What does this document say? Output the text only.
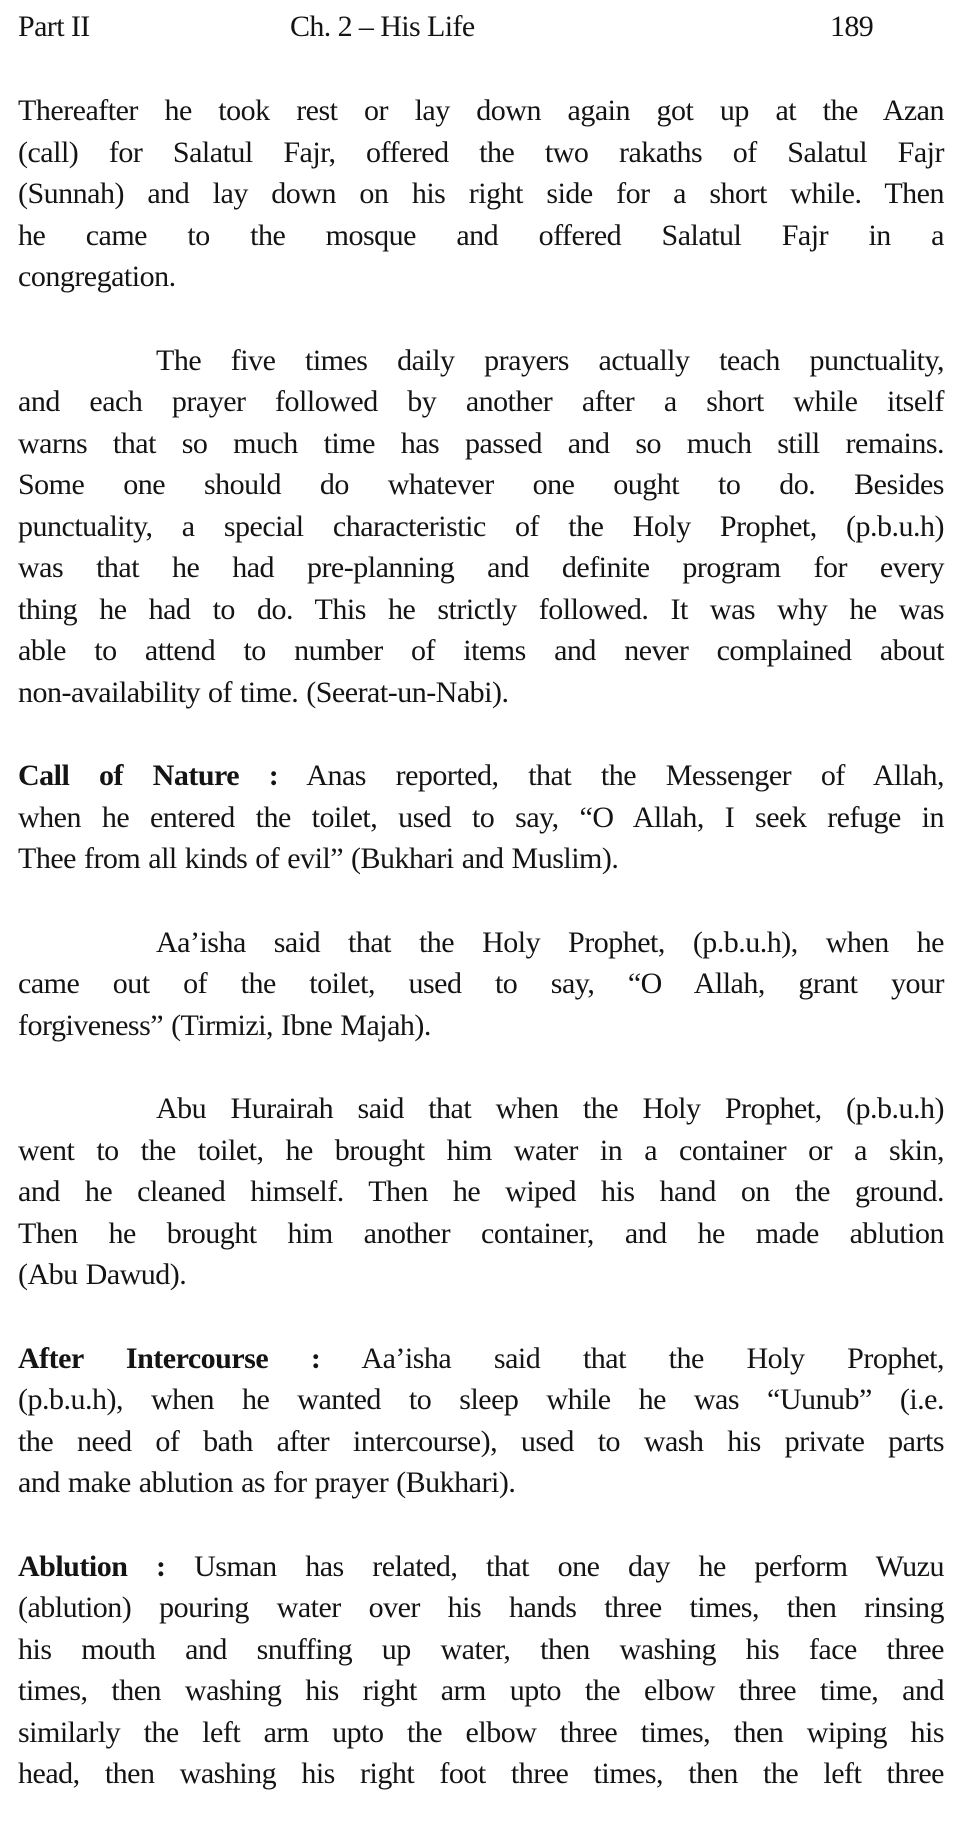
Part II	Ch. 2 – His Life	189
Thereafter he took rest or lay down again got up at the Azan
(call) for Salatul Fajr, offered the two rakaths of Salatul Fajr
(Sunnah) and lay down on his right side for a short while. Then
he came to the mosque and offered Salatul Fajr in a
congregation.
The five times daily prayers actually teach punctuality,
and each prayer followed by another after a short while itself
warns that so much time has passed and so much still remains.
Some one should do whatever one ought to do. Besides
punctuality, a special characteristic of the Holy Prophet, (p.b.u.h)
was that he had pre-planning and definite program for every
thing he had to do. This he strictly followed. It was why he was
able to attend to number of items and never complained about
non-availability of time. (Seerat-un-Nabi).
Call of Nature : Anas reported, that the Messenger of Allah,
when he entered the toilet, used to say, “O Allah, I seek refuge in
Thee from all kinds of evil” (Bukhari and Muslim).
Aa’isha said that the Holy Prophet, (p.b.u.h), when he
came out of the toilet, used to say, “O Allah, grant your
forgiveness” (Tirmizi, Ibne Majah).
Abu Hurairah said that when the Holy Prophet, (p.b.u.h)
went to the toilet, he brought him water in a container or a skin,
and he cleaned himself. Then he wiped his hand on the ground.
Then he brought him another container, and he made ablution
(Abu Dawud).
After Intercourse : Aa’isha said that the Holy Prophet,
(p.b.u.h), when he wanted to sleep while he was “Uunub” (i.e.
the need of bath after intercourse), used to wash his private parts
and make ablution as for prayer (Bukhari).
Ablution : Usman has related, that one day he perform Wuzu
(ablution) pouring water over his hands three times, then rinsing
his mouth and snuffing up water, then washing his face three
times, then washing his right arm upto the elbow three time, and
similarly the left arm upto the elbow three times, then wiping his
head, then washing his right foot three times, then the left three
